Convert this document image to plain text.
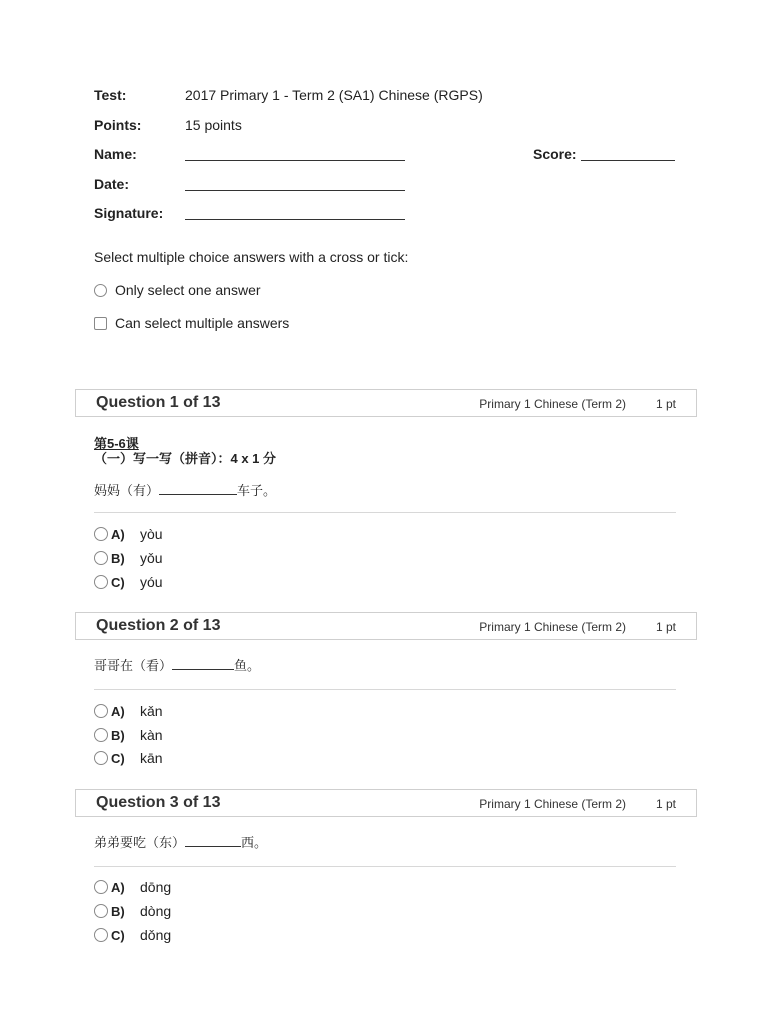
Test:	2017 Primary 1 - Term 2 (SA1) Chinese (RGPS)
Points:	15 points
Name:	Score:
Date:
Signature:
Select multiple choice answers with a cross or tick:
Only select one answer
Can select multiple answers
Question 1 of 13	Primary 1 Chinese (Term 2) 1 pt
第5-6课
（一）写一写（拼音）：4 x 1 分
妈妈（有）	车子。
A)	yòu
B)	yǒu
C)	yóu
Question 2 of 13	Primary 1 Chinese (Term 2) 1 pt
哥哥在（看）	鱼。
A)	kǎn
B)	kàn
C)	kān
Question 3 of 13	Primary 1 Chinese (Term 2) 1 pt
弟弟要吃（东）	西。
A)	dōng
B)	dòng
C)	dǒng
